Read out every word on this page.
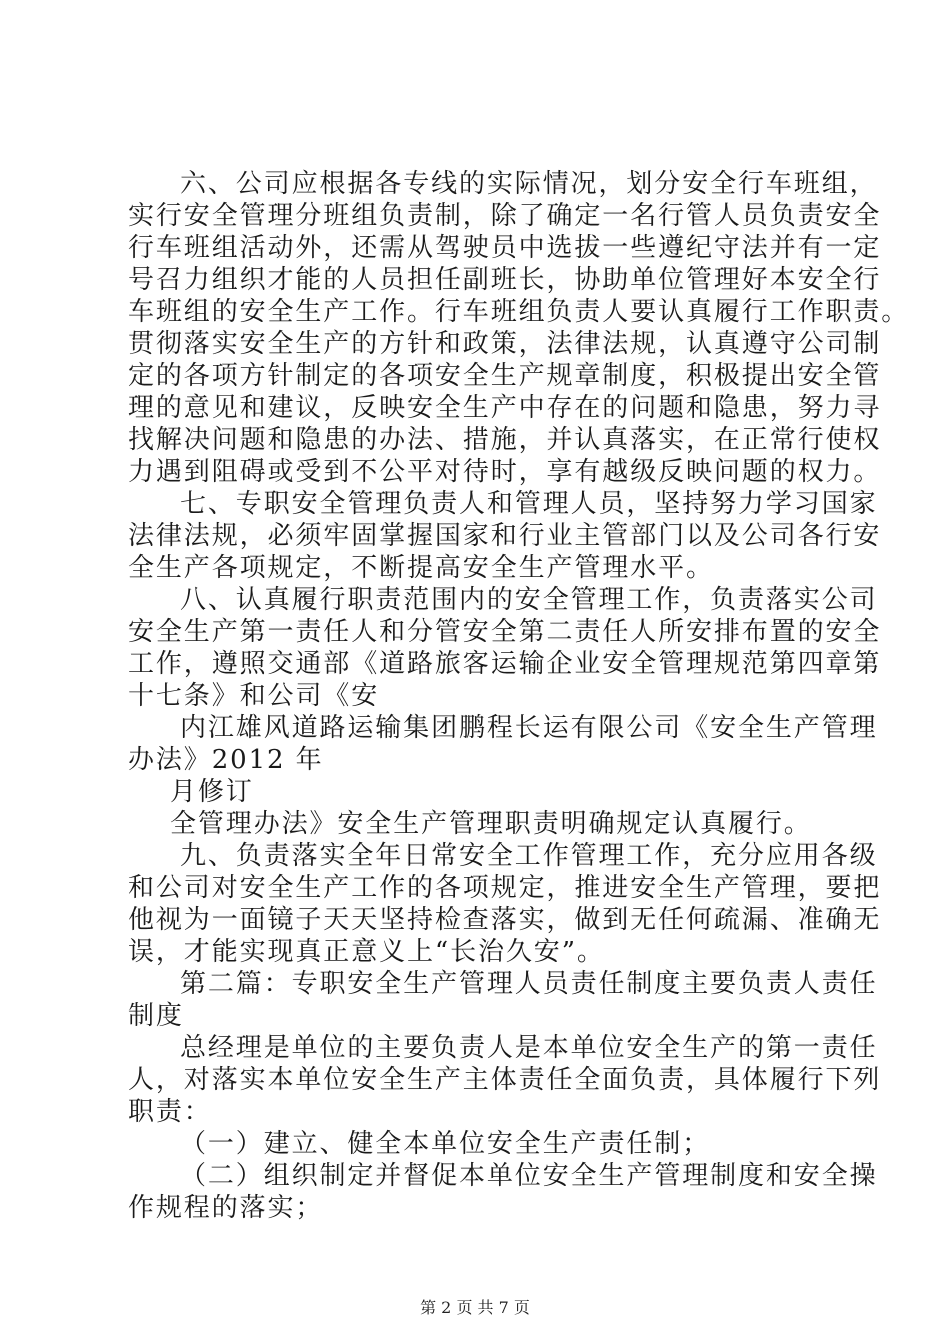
六、公司应根据各专线的实际情况，划分安全行车班组，
实行安全管理分班组负责制，除了确定一名行管人员负责安全
行车班组活动外，还需从驾驶员中选拔一些遵纪守法并有一定
号召力组织才能的人员担任副班长，协助单位管理好本安全行
车班组的安全生产工作。行车班组负责人要认真履行工作职责。
贯彻落实安全生产的方针和政策，法律法规，认真遵守公司制
定的各项方针制定的各项安全生产规章制度，积极提出安全管
理的意见和建议，反映安全生产中存在的问题和隐患，努力寻
找解决问题和隐患的办法、措施，并认真落实，在正常行使权
力遇到阻碍或受到不公平对待时，享有越级反映问题的权力。
七、专职安全管理负责人和管理人员，坚持努力学习国家
法律法规，必须牢固掌握国家和行业主管部门以及公司各行安
全生产各项规定，不断提高安全生产管理水平。
八、认真履行职责范围内的安全管理工作，负责落实公司
安全生产第一责任人和分管安全第二责任人所安排布置的安全
工作，遵照交通部《道路旅客运输企业安全管理规范第四章第
十七条》和公司《安
内江雄风道路运输集团鹏程长运有限公司《安全生产管理
办法》2012 年
月修订
全管理办法》安全生产管理职责明确规定认真履行。
九、负责落实全年日常安全工作管理工作，充分应用各级
和公司对安全生产工作的各项规定，推进安全生产管理，要把
他视为一面镜子天天坚持检查落实，做到无任何疏漏、准确无
误，才能实现真正意义上“长治久安”。
第二篇：专职安全生产管理人员责任制度主要负责人责任
制度
总经理是单位的主要负责人是本单位安全生产的第一责任
人，对落实本单位安全生产主体责任全面负责，具体履行下列
职责：
（一）建立、健全本单位安全生产责任制；
（二）组织制定并督促本单位安全生产管理制度和安全操
作规程的落实；
第 2 页 共 7 页
